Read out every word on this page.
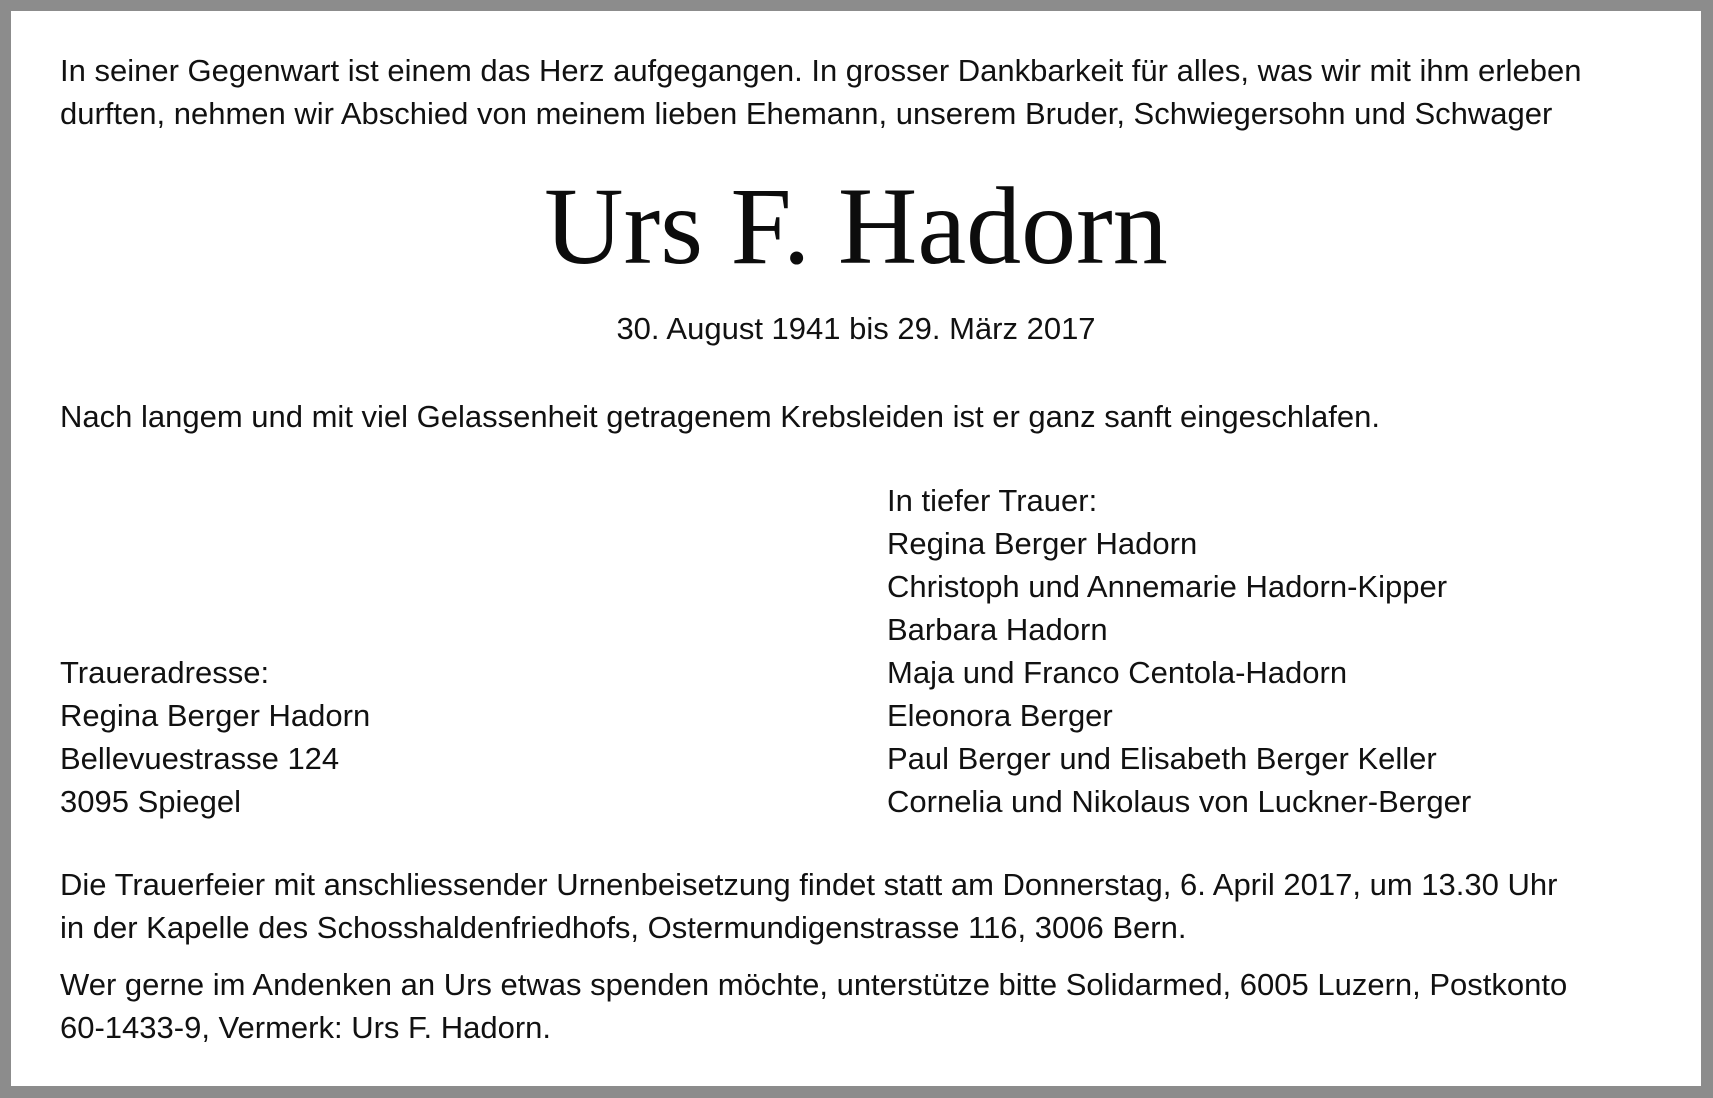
In seiner Gegenwart ist einem das Herz aufgegangen. In grosser Dankbarkeit für alles, was wir mit ihm erleben
durften, nehmen wir Abschied von meinem lieben Ehemann, unserem Bruder, Schwiegersohn und Schwager

Urs F. Hadorn
30. August 1941 bis 29. März 2017

Nach langem und mit viel Gelassenheit getragenem Krebsleiden ist er ganz sanft eingeschlafen.

In tiefer Trauer:
Regina Berger Hadorn
Christoph und Annemarie Hadorn-Kipper
Barbara Hadorn
Maja und Franco Centola-Hadorn
Eleonora Berger
Paul Berger und Elisabeth Berger Keller
Cornelia und Nikolaus von Luckner-Berger
Traueradresse:
Regina Berger Hadorn
Bellevuestrasse 124
3095 Spiegel

Die Trauerfeier mit anschliessender Urnenbeisetzung findet statt am Donnerstag, 6. April 2017, um 13.30 Uhr
in der Kapelle des Schosshaldenfriedhofs, Ostermundigenstrasse 116, 3006 Bern.

Wer gerne im Andenken an Urs etwas spenden möchte, unterstütze bitte Solidarmed, 6005 Luzern, Postkonto
60-1433-9, Vermerk: Urs F. Hadorn.
